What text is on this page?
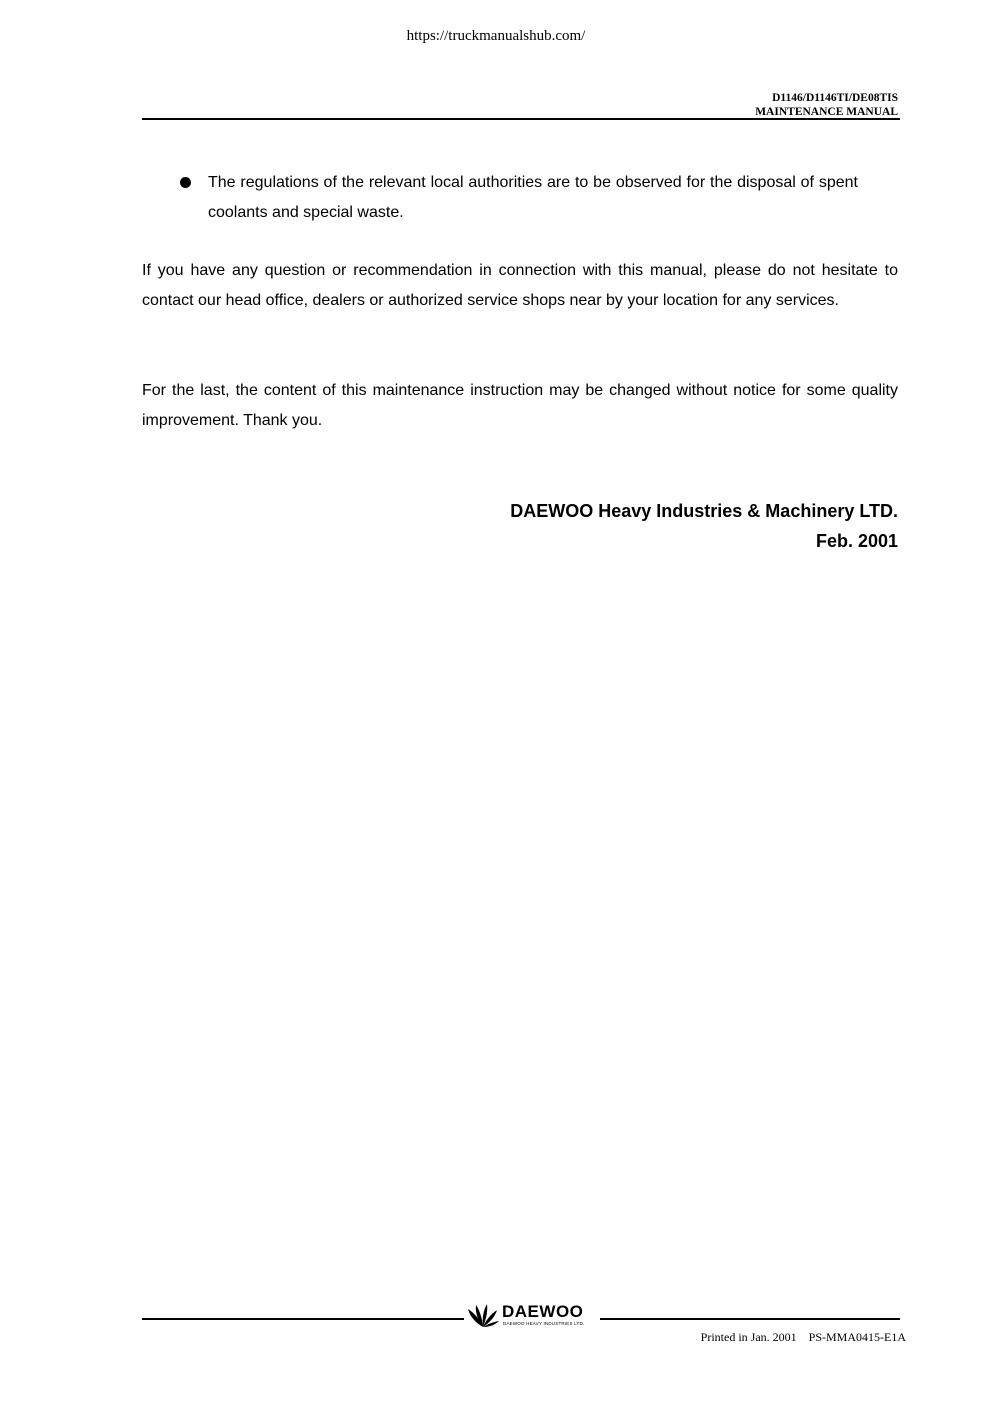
https://truckmanualshub.com/
D1146/D1146TI/DE08TIS
MAINTENANCE MANUAL
The regulations of the relevant local authorities are to be observed for the disposal of spent coolants and special waste.
If you have any question or recommendation in connection with this manual, please do not hesitate to contact our head office, dealers or authorized service shops near by your location for any services.
For the last, the content of this maintenance instruction may be changed without notice for some quality improvement. Thank you.
DAEWOO Heavy Industries & Machinery LTD.
Feb. 2001
DAEWOO
DAEWOO HEAVY INDUSTRIES LTD.
Printed in Jan. 2001 PS-MMA0415-E1A
